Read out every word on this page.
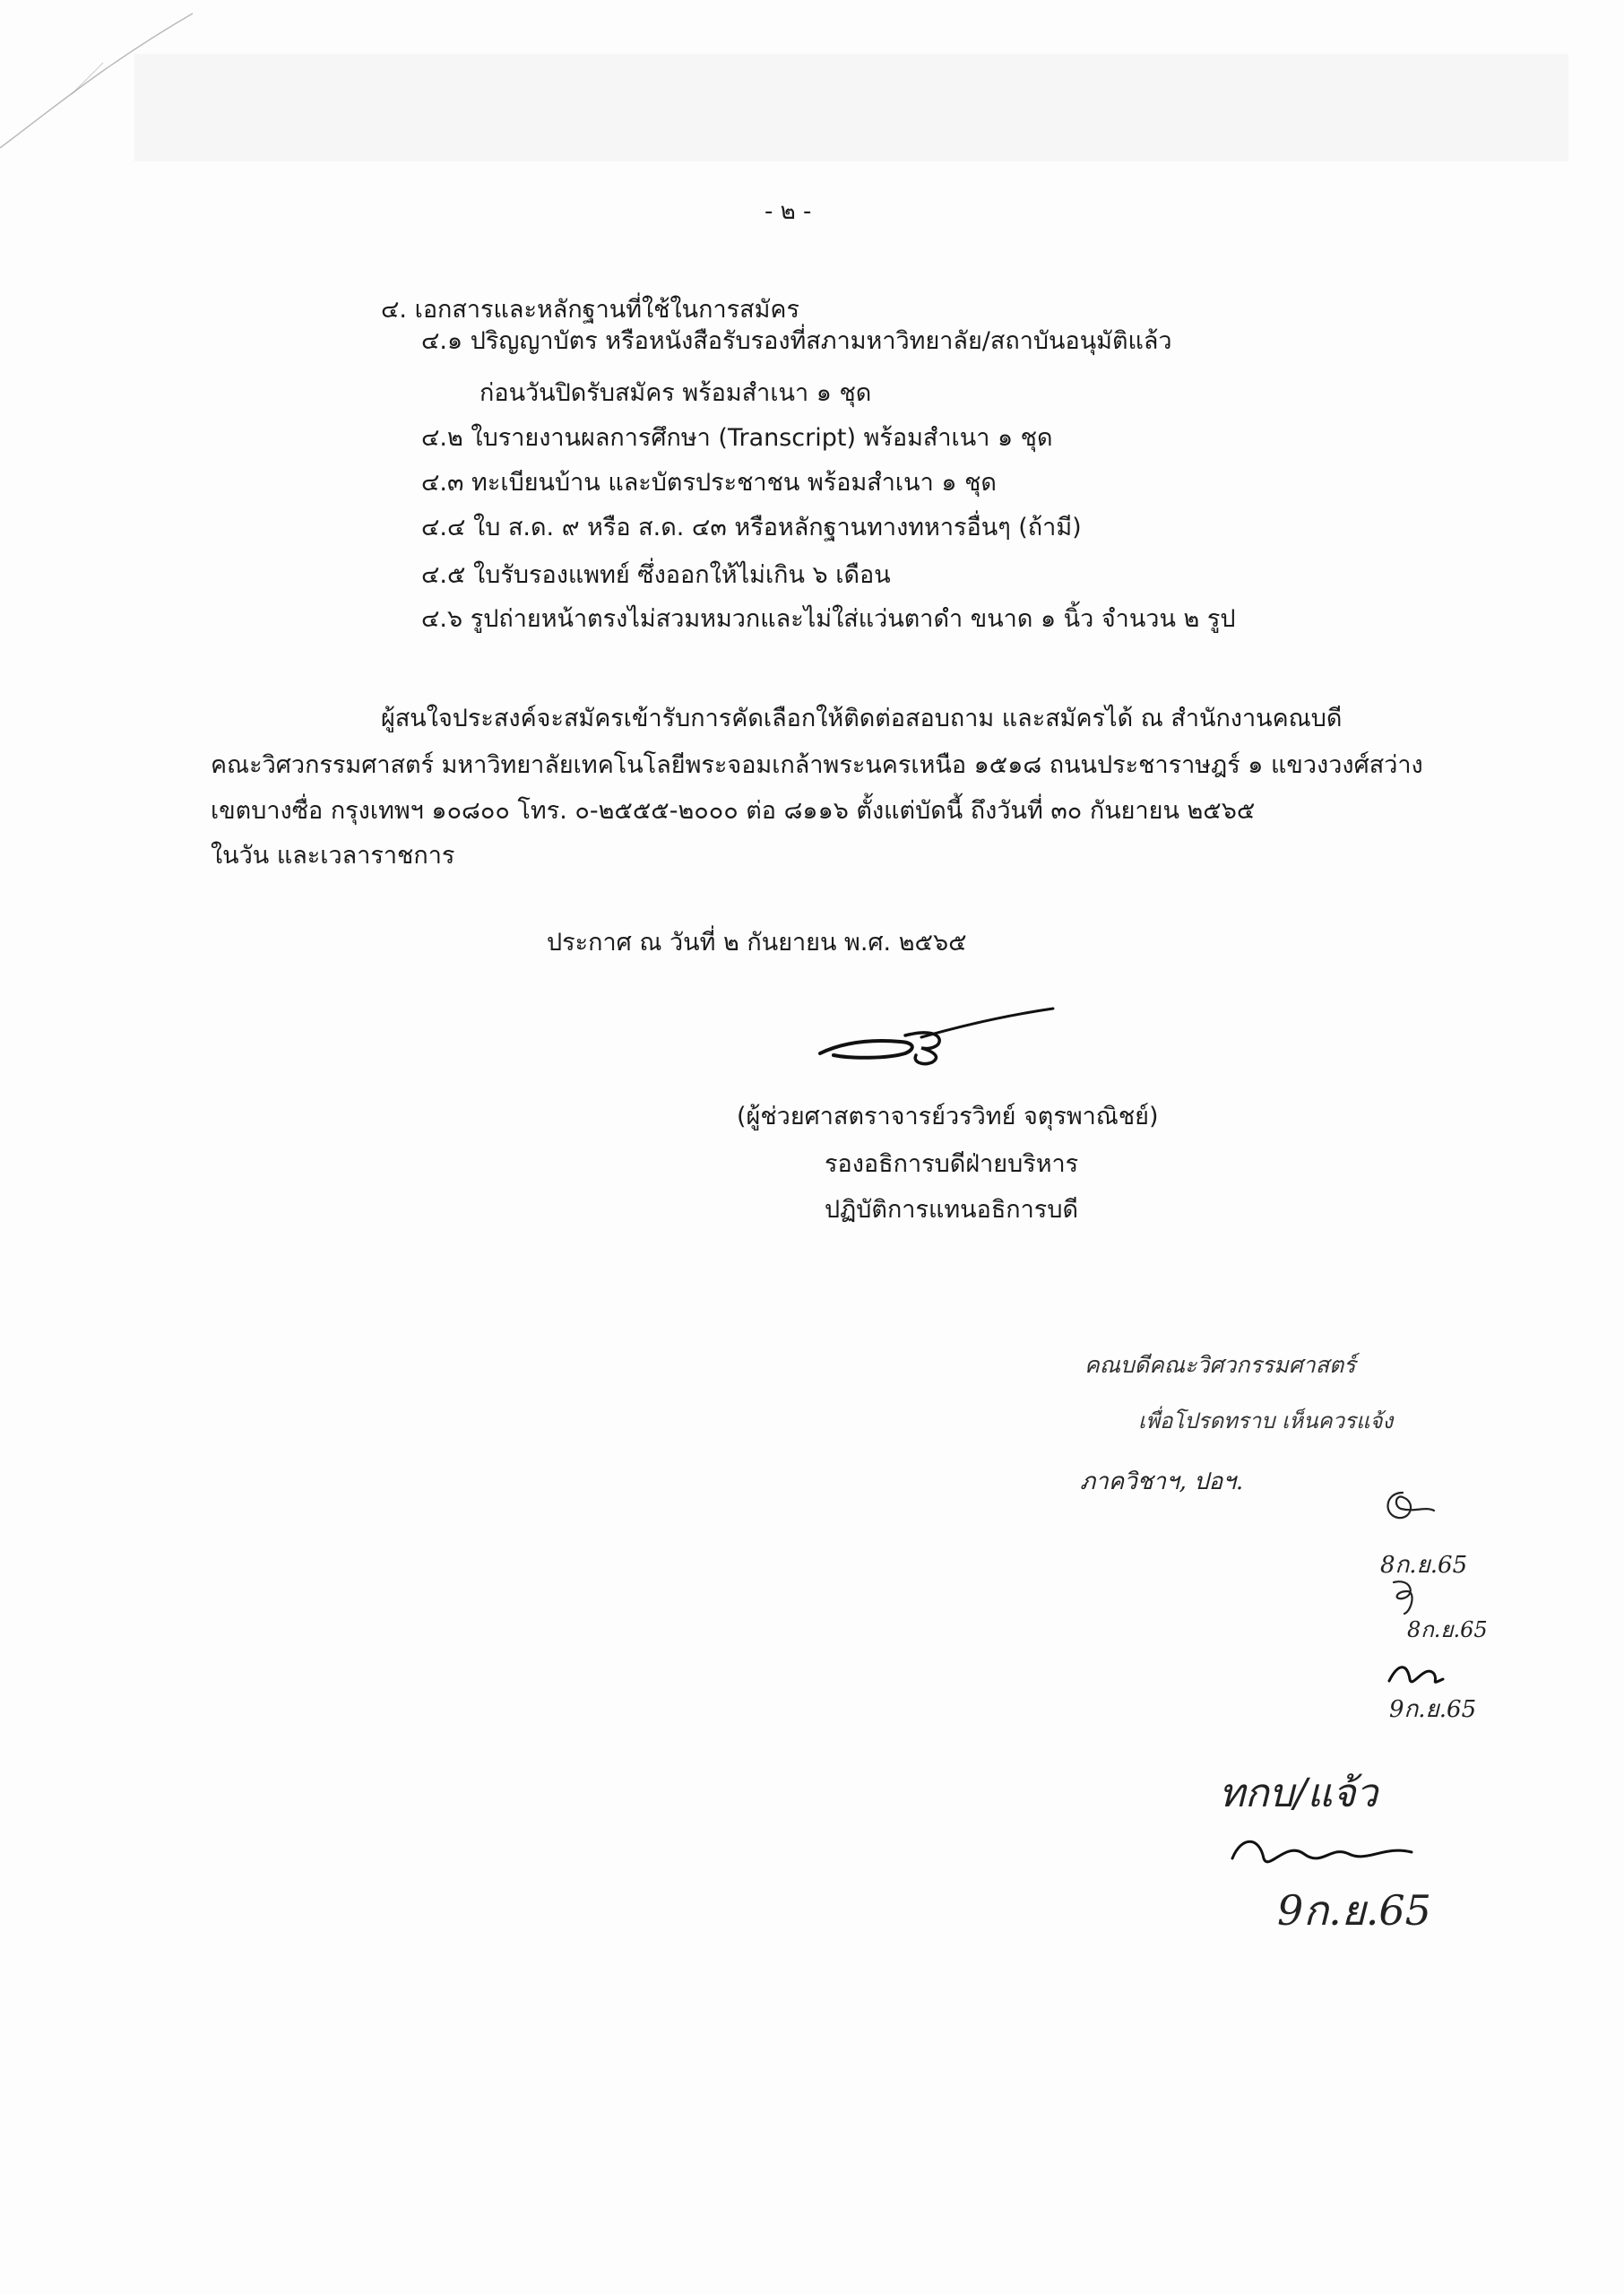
- ๒ -
๔. เอกสารและหลักฐานที่ใช้ในการสมัคร
๔.๑ ปริญญาบัตร หรือหนังสือรับรองที่สภามหาวิทยาลัย/สถาบันอนุมัติแล้ว
ก่อนวันปิดรับสมัคร พร้อมสำเนา ๑ ชุด
๔.๒ ใบรายงานผลการศึกษา (Transcript) พร้อมสำเนา ๑ ชุด
๔.๓ ทะเบียนบ้าน และบัตรประชาชน พร้อมสำเนา ๑ ชุด
๔.๔ ใบ ส.ด. ๙ หรือ ส.ด. ๔๓ หรือหลักฐานทางทหารอื่นๆ (ถ้ามี)
๔.๕ ใบรับรองแพทย์ ซึ่งออกให้ไม่เกิน ๖ เดือน
๔.๖ รูปถ่ายหน้าตรงไม่สวมหมวกและไม่ใส่แว่นตาดำ ขนาด ๑ นิ้ว จำนวน ๒ รูป
ผู้สนใจประสงค์จะสมัครเข้ารับการคัดเลือกให้ติดต่อสอบถาม และสมัครได้ ณ สำนักงานคณบดี
คณะวิศวกรรมศาสตร์ มหาวิทยาลัยเทคโนโลยีพระจอมเกล้าพระนครเหนือ ๑๕๑๘ ถนนประชาราษฎร์ ๑ แขวงวงศ์สว่าง
เขตบางซื่อ กรุงเทพฯ ๑๐๘๐๐ โทร. ๐-๒๕๕๕-๒๐๐๐ ต่อ ๘๑๑๖ ตั้งแต่บัดนี้ ถึงวันที่ ๓๐ กันยายน ๒๕๖๕
ในวัน และเวลาราชการ
ประกาศ ณ วันที่ ๒ กันยายน พ.ศ. ๒๕๖๕
(ผู้ช่วยศาสตราจารย์วรวิทย์ จตุรพาณิชย์)
รองอธิการบดีฝ่ายบริหาร
ปฏิบัติการแทนอธิการบดี
คณบดีคณะวิศวกรรมศาสตร์
เพื่อโปรดทราบ เห็นควรแจ้ง
ภาควิชาฯ, ปอฯ.
8ก.ย.65
8ก.ย.65
9ก.ย.65
ทกบ/แจ้ว
9ก.ย.65
